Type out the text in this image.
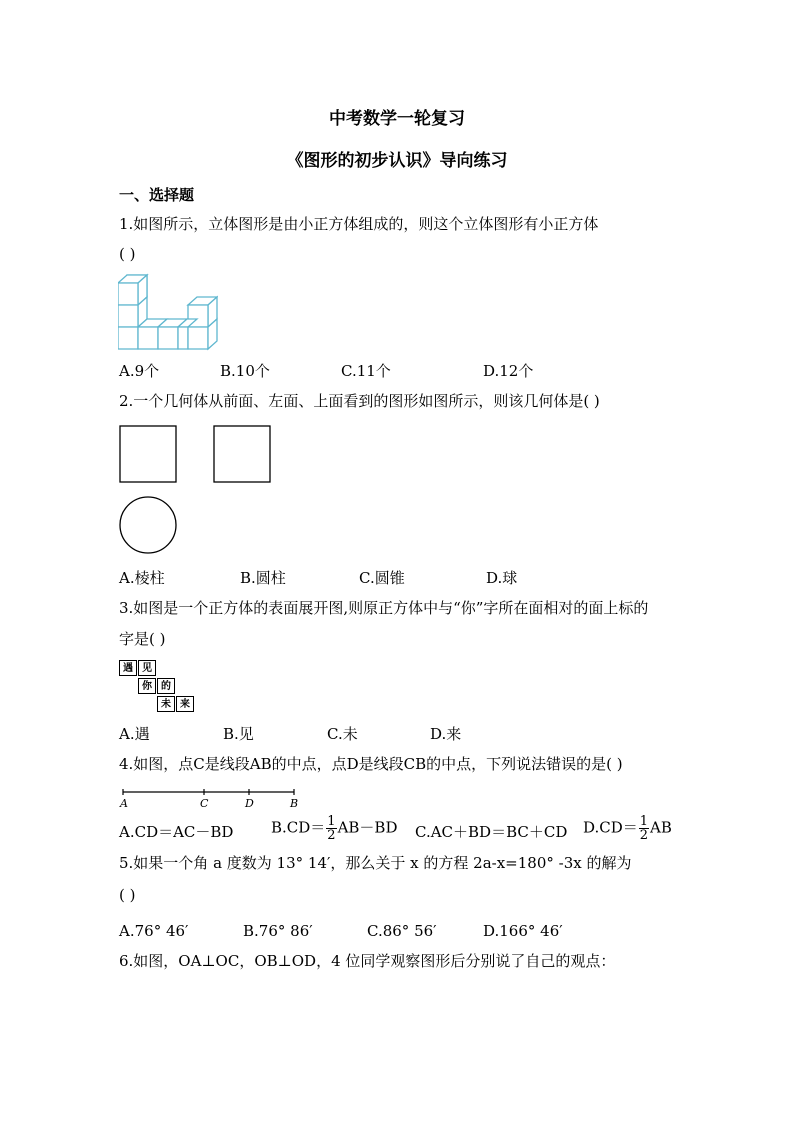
中考数学一轮复习
《图形的初步认识》导向练习
一、选择题
1.如图所示，立体图形是由小正方体组成的，则这个立体图形有小正方体
( )
A.9个	B.10个	C.11个	D.12个
2.一个几何体从前面、左面、上面看到的图形如图所示，则该几何体是( )
A.棱柱	B.圆柱	C.圆锥	D.球
3.如图是一个正方体的表面展开图,则原正方体中与“你”字所在面相对的面上标的
字是( )
遇 见
你 的
未 来
A.遇	B.见	C.未	D.来
4.如图，点C是线段AB的中点，点D是线段CB的中点，下列说法错误的是( )
A	C	D	B
A.CD＝AC－BD	$B.CD= \frac{1}{2} AB-BD$ C.AC＋BD＝BC＋CD $D.CD= \frac{1}{2}$ AB
5.如果一个角 a 度数为 13° 14′，那么关于 x 的方程 2a-x=180° -3x 的解为
( )
A.76° 46′	B.76° 86′	C.86° 56′	D.166° 46′
6.如图，OA⊥OC，OB⊥OD，4 位同学观察图形后分别说了自己的观点：
